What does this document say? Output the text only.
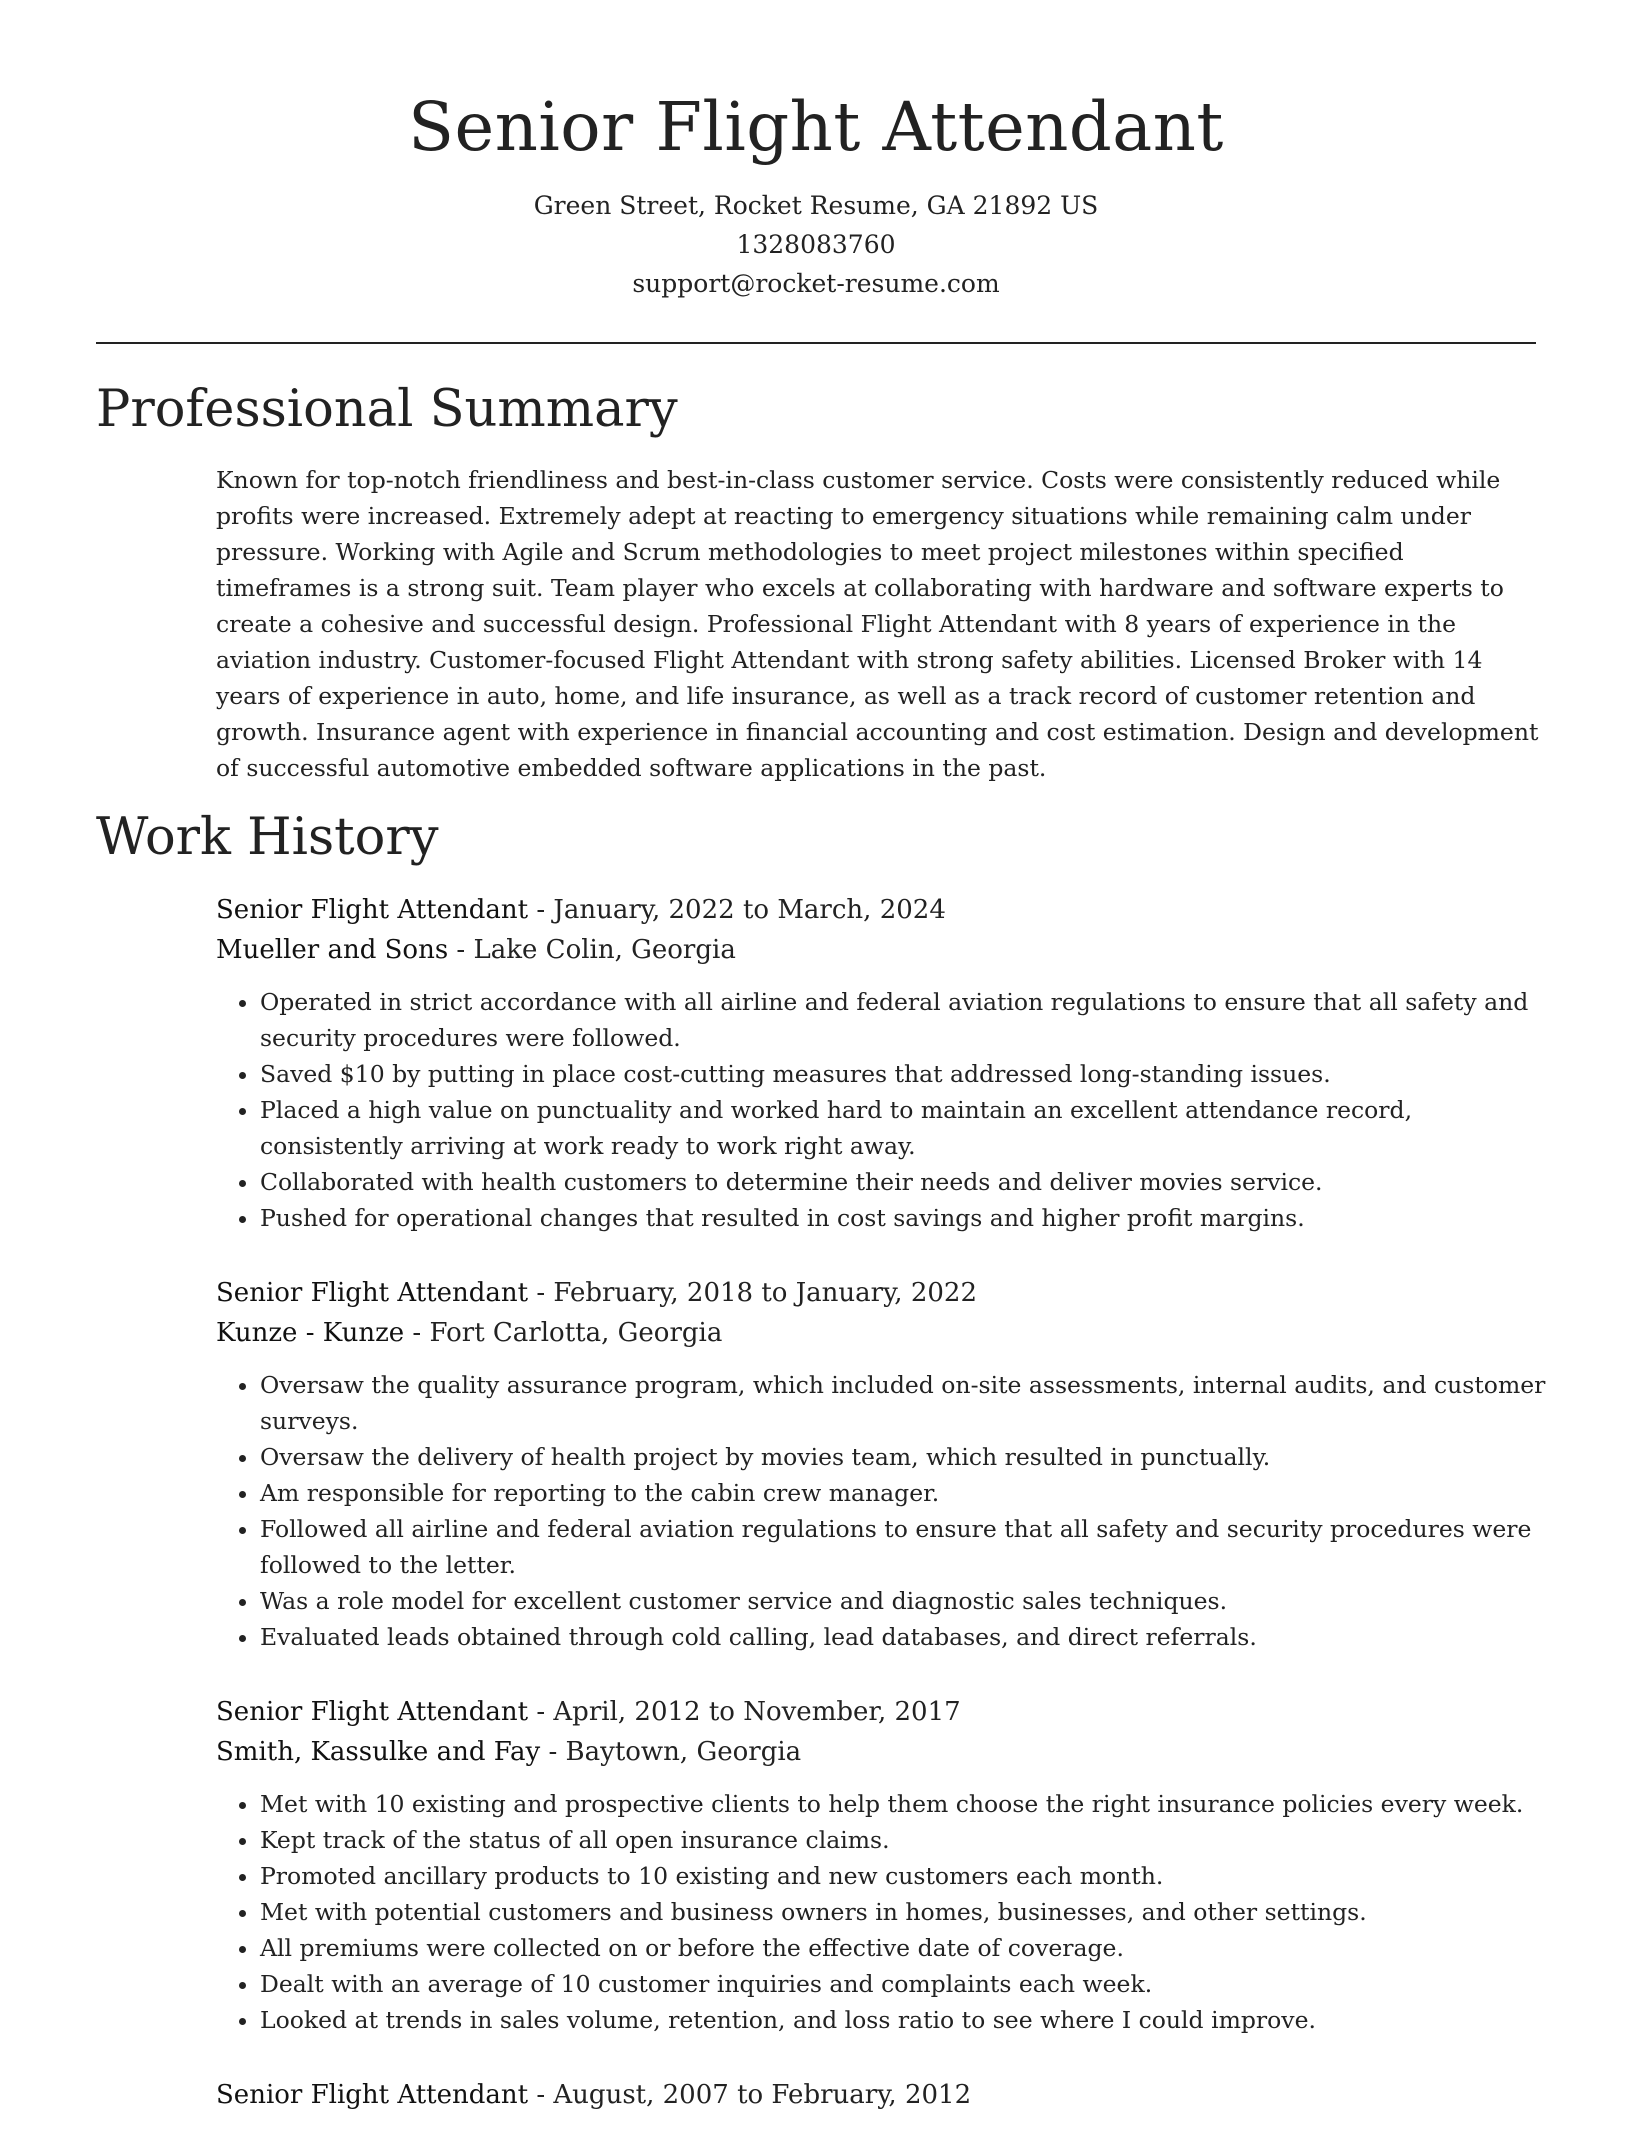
Senior Flight Attendant
Green Street, Rocket Resume, GA 21892 US
1328083760
support@rocket-resume.com
Professional Summary

Known for top-notch friendliness and best-in-class customer service. Costs were consistently reduced while profits were increased. Extremely adept at reacting to emergency situations while remaining calm under pressure. Working with Agile and Scrum methodologies to meet project milestones within specified timeframes is a strong suit. Team player who excels at collaborating with hardware and software experts to create a cohesive and successful design. Professional Flight Attendant with 8 years of experience in the aviation industry. Customer-focused Flight Attendant with strong safety abilities. Licensed Broker with 14 years of experience in auto, home, and life insurance, as well as a track record of customer retention and growth. Insurance agent with experience in financial accounting and cost estimation. Design and development of successful automotive embedded software applications in the past.

Work History

Senior Flight Attendant - January, 2022 to March, 2024

Mueller and Sons - Lake Colin, Georgia

• Operated in strict accordance with all airline and federal aviation regulations to ensure that all safety and security procedures were followed.
• Saved $10 by putting in place cost-cutting measures that addressed long-standing issues.
• Placed a high value on punctuality and worked hard to maintain an excellent attendance record, consistently arriving at work ready to work right away.
• Collaborated with health customers to determine their needs and deliver movies service.
• Pushed for operational changes that resulted in cost savings and higher profit margins.

Senior Flight Attendant - February, 2018 to January, 2022

Kunze - Kunze - Fort Carlotta, Georgia

• Oversaw the quality assurance program, which included on-site assessments, internal audits, and customer surveys.
• Oversaw the delivery of health project by movies team, which resulted in punctually.
• Am responsible for reporting to the cabin crew manager.
• Followed all airline and federal aviation regulations to ensure that all safety and security procedures were followed to the letter.
• Was a role model for excellent customer service and diagnostic sales techniques.
• Evaluated leads obtained through cold calling, lead databases, and direct referrals.

Senior Flight Attendant - April, 2012 to November, 2017

Smith, Kassulke and Fay - Baytown, Georgia

• Met with 10 existing and prospective clients to help them choose the right insurance policies every week.
• Kept track of the status of all open insurance claims.
• Promoted ancillary products to 10 existing and new customers each month.
• Met with potential customers and business owners in homes, businesses, and other settings.
• All premiums were collected on or before the effective date of coverage.
• Dealt with an average of 10 customer inquiries and complaints each week.
• Looked at trends in sales volume, retention, and loss ratio to see where I could improve.

Senior Flight Attendant - August, 2007 to February, 2012
